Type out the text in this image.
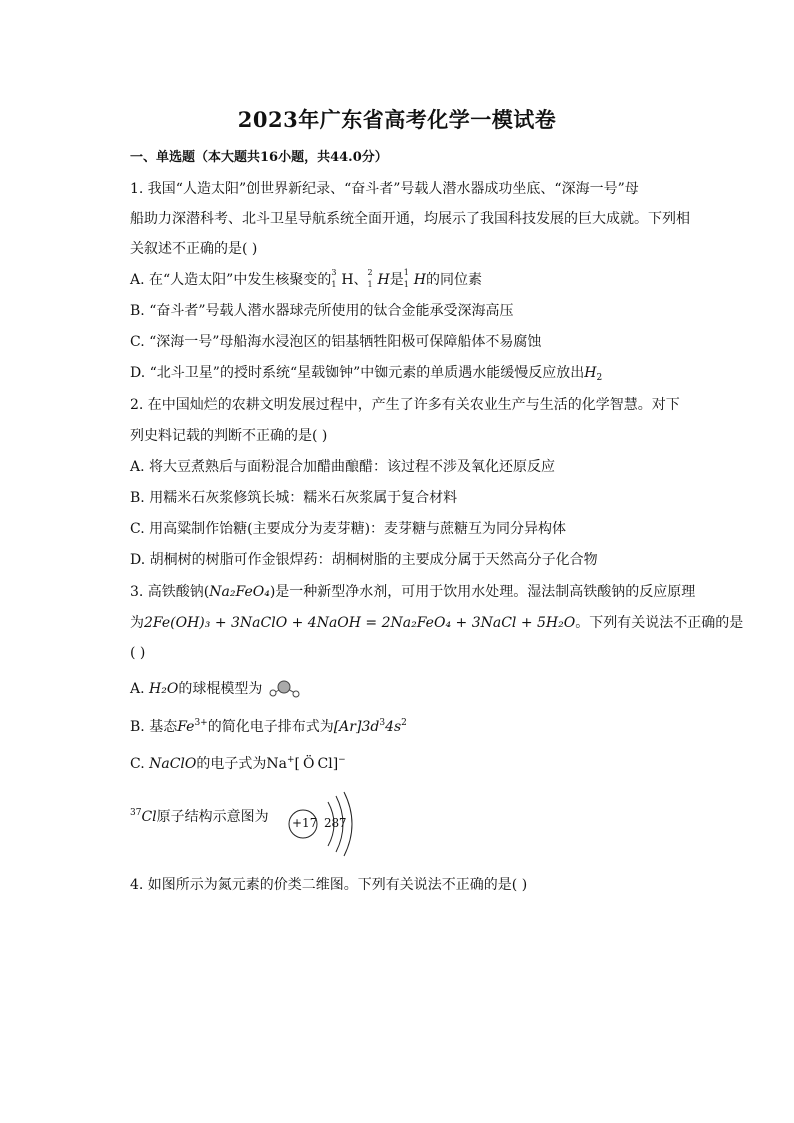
2023年广东省高考化学一模试卷
一、单选题（本大题共16小题，共44.0分）
1. 我国“人造太阳”创世界新纪录、“奋斗者”号载人潜水器成功坐底、“深海一号”母
船助力深潜科考、北斗卫星导航系统全面开通，均展示了我国科技发展的巨大成就。下列相
关叙述不正确的是( )
A. 在“人造太阳”中发生核聚变的 3
1 H、 2
1 H是 1
1 H的同位素
B. “奋斗者”号载人潜水器球壳所使用的钛合金能承受深海高压
C. “深海一号”母船海水浸泡区的铝基牺牲阳极可保障船体不易腐蚀
D. “北斗卫星”的授时系统“星载铷钟”中铷元素的单质遇水能缓慢反应放出$H_2$
2. 在中国灿烂的农耕文明发展过程中，产生了许多有关农业生产与生活的化学智慧。对下
列史料记载的判断不正确的是( )
A. 将大豆煮熟后与面粉混合加醋曲酿醋：该过程不涉及氧化还原反应
B. 用糯米石灰浆修筑长城：糯米石灰浆属于复合材料
C. 用高粱制作饴糖(主要成分为麦芽糖)：麦芽糖与蔗糖互为同分异构体
D. 胡桐树的树脂可作金银焊药：胡桐树脂的主要成分属于天然高分子化合物
3. 高铁酸钠(Na₂FeO₄)是一种新型净水剂，可用于饮用水处理。湿法制高铁酸钠的反应原理
为2Fe(OH)₃ + 3NaClO + 4NaOH = 2Na₂FeO₄ + 3NaCl + 5H₂O。下列有关说法不正确的是
( )
A. H₂O的球棍模型为
B. 基态$Fe^{3+}$的简化电子排布式为$[Ar]3d^34s^2$
C. NaClO的电子式为Na+[ Ö Cl]−
$^{37}$Cl原子结构示意图为 +17 2 8 7
4. 如图所示为氮元素的价类二维图。下列有关说法不正确的是( )
